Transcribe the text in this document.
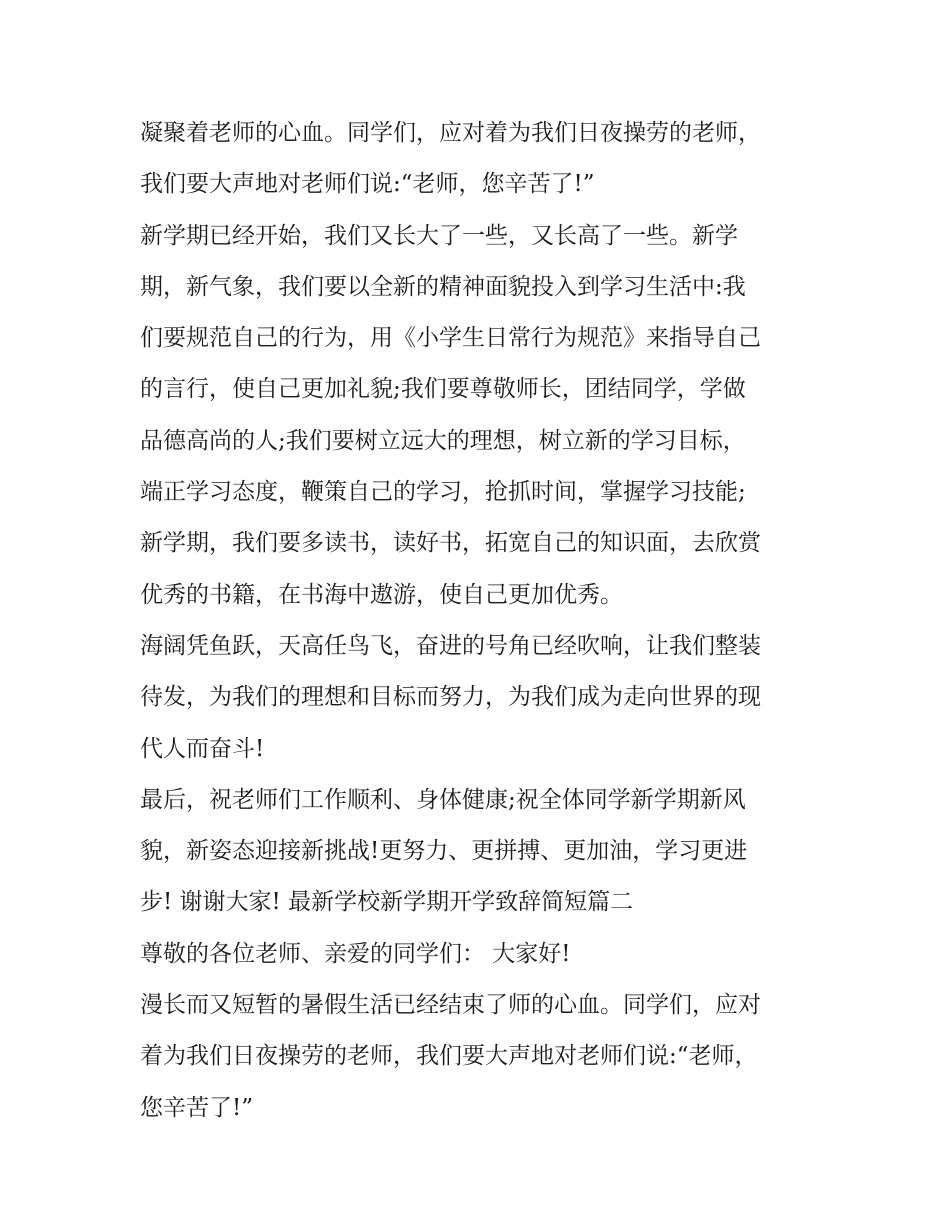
凝聚着老师的心血。同学们，应对着为我们日夜操劳的老师，
我们要大声地对老师们说:“老师，您辛苦了!”
新学期已经开始，我们又长大了一些，又长高了一些。新学
期，新气象，我们要以全新的精神面貌投入到学习生活中:我
们要规范自己的行为，用《小学生日常行为规范》来指导自己
的言行，使自己更加礼貌;我们要尊敬师长，团结同学，学做
品德高尚的人;我们要树立远大的理想，树立新的学习目标，
端正学习态度，鞭策自己的学习，抢抓时间，掌握学习技能;
新学期，我们要多读书，读好书，拓宽自己的知识面，去欣赏
优秀的书籍，在书海中遨游，使自己更加优秀。
海阔凭鱼跃，天高任鸟飞，奋进的号角已经吹响，让我们整装
待发，为我们的理想和目标而努力，为我们成为走向世界的现
代人而奋斗!
最后，祝老师们工作顺利、身体健康;祝全体同学新学期新风
貌，新姿态迎接新挑战!更努力、更拼搏、更加油，学习更进
步! 谢谢大家! 最新学校新学期开学致辞简短篇二
尊敬的各位老师、亲爱的同学们： 大家好!
漫长而又短暂的暑假生活已经结束了师的心血。同学们，应对
着为我们日夜操劳的老师，我们要大声地对老师们说:“老师，
您辛苦了!”
